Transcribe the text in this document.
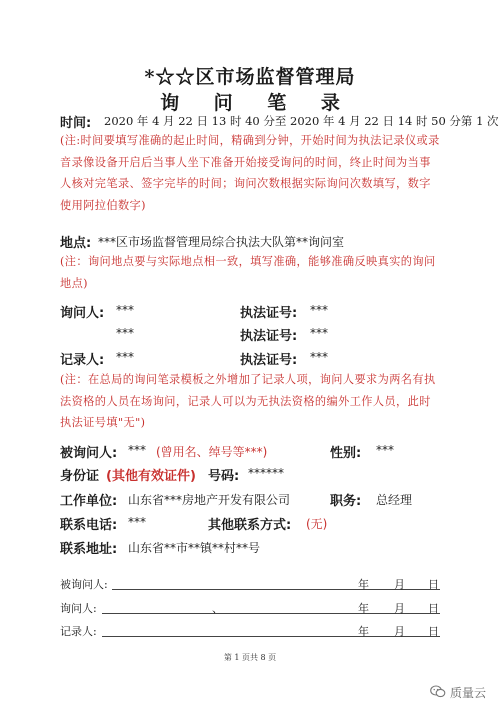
*☆☆区市场监督管理局
询 问 笔 录
时间: 2020 年 4 月 22 日 13 时 40 分至 2020 年 4 月 22 日 14 时 50 分第 1 次
(注:时间要填写准确的起止时间，精确到分钟，开始时间为执法记录仪或录音录像设备开启后当事人坐下准备开始接受询问的时间，终止时间为当事人核对完笔录、签字完毕的时间；询问次数根据实际询问次数填写，数字使用阿拉伯数字)
地点: ***区市场监督管理局综合执法大队第**询问室
(注：询问地点要与实际地点相一致，填写准确，能够准确反映真实的询问地点)
询问人: ***	执法证号: ***
***	执法证号: ***
记录人: ***	执法证号: ***
(注：在总局的询问笔录模板之外增加了记录人项，询问人要求为两名有执法资格的人员在场询问，记录人可以为无执法资格的编外工作人员，此时执法证号填"无")
被询问人: *** (曾用名、绰号等***)	性别: ***
身份证 (其他有效证件) 号码: ******
工作单位: 山东省***房地产开发有限公司	职务: 总经理
联系电话: ***	其他联系方式: (无)
联系地址: 山东省**市**镇**村**号
被询问人:	年 月 日
询问人:	、	年 月 日
记录人:	年 月 日
第 1 页共 8 页
质量云
